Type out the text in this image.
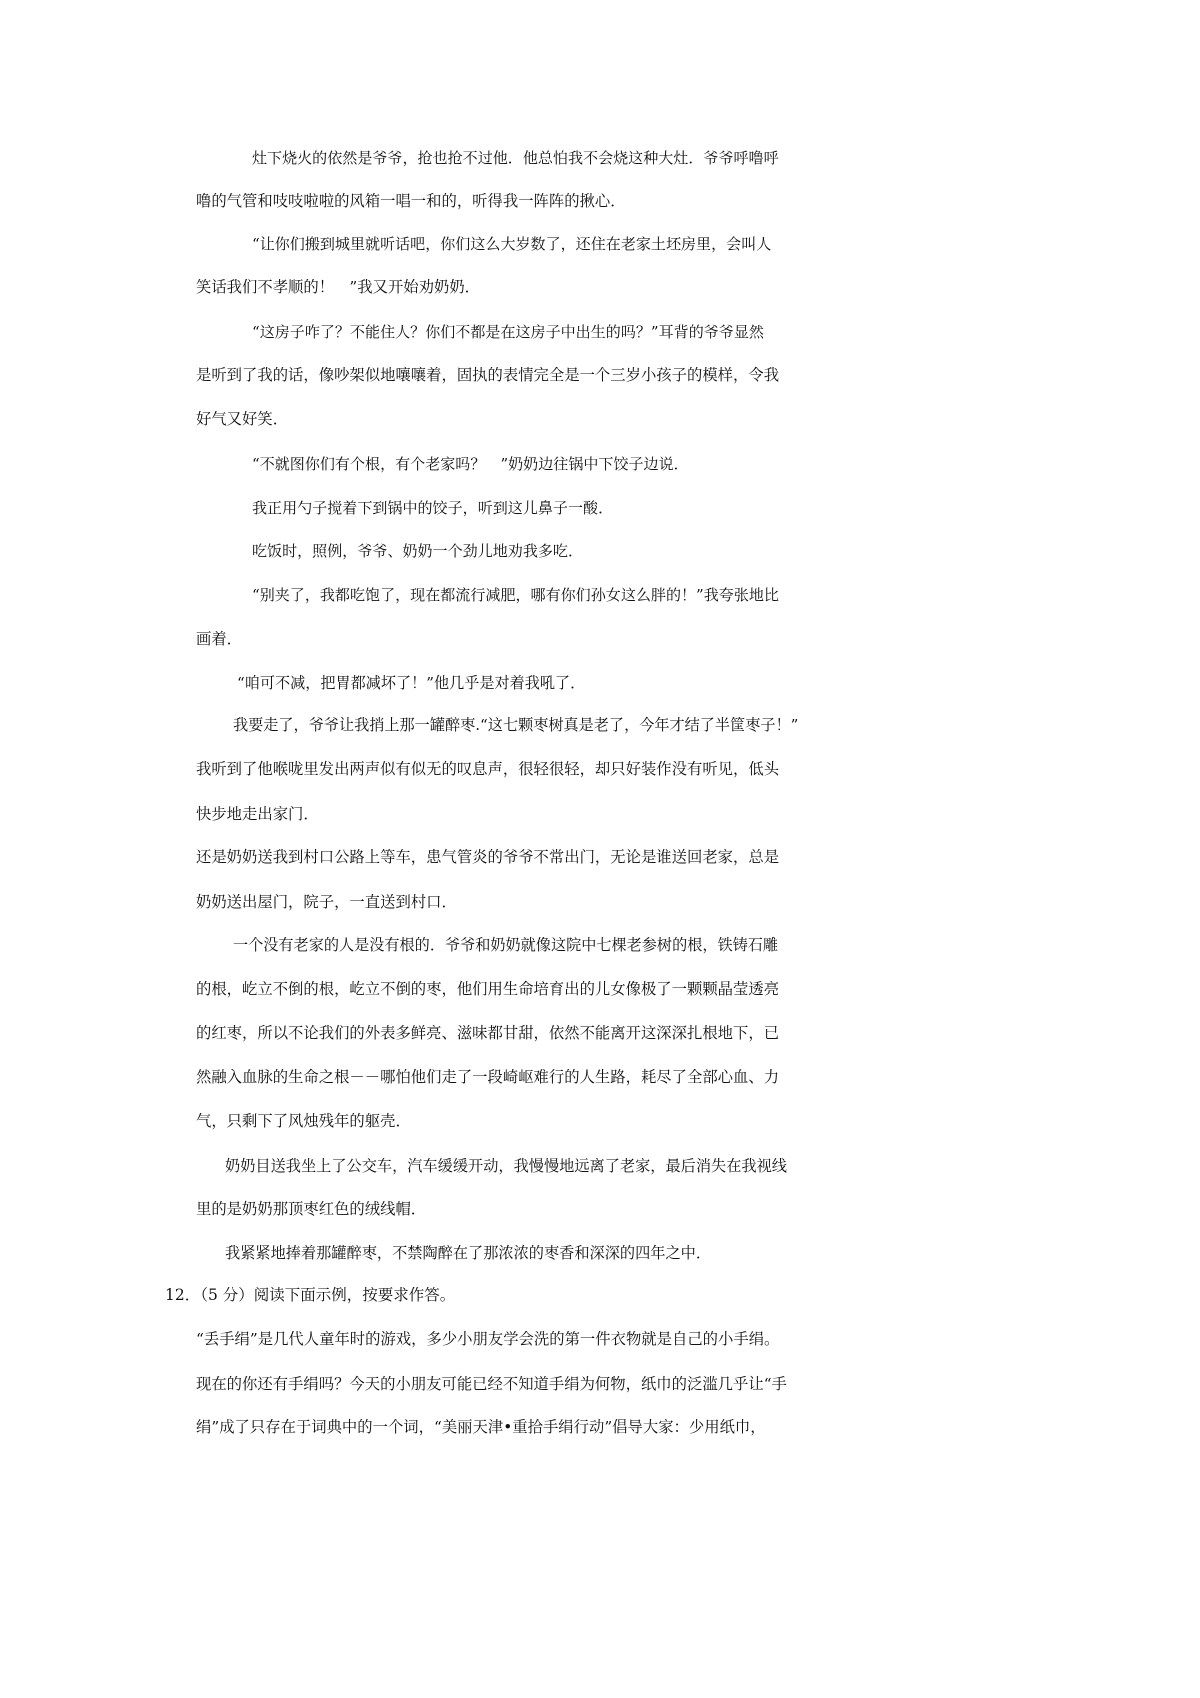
灶下烧火的依然是爷爷，抢也抢不过他．他总怕我不会烧这种大灶．爷爷呼噜呼
噜的气管和吱吱啦啦的风箱一唱一和的，听得我一阵阵的揪心．
“让你们搬到城里就听话吧，你们这么大岁数了，还住在老家土坯房里，会叫人
笑话我们不孝顺的！　”我又开始劝奶奶．
“这房子咋了？不能住人？你们不都是在这房子中出生的吗？”耳背的爷爷显然
是听到了我的话，像吵架似地嚷嚷着，固执的表情完全是一个三岁小孩子的模样，令我
好气又好笑．
“不就图你们有个根，有个老家吗？　”奶奶边往锅中下饺子边说．
我正用勺子搅着下到锅中的饺子，听到这儿鼻子一酸．
吃饭时，照例，爷爷、奶奶一个劲儿地劝我多吃．
“别夹了，我都吃饱了，现在都流行减肥，哪有你们孙女这么胖的！”我夸张地比
画着．
“咱可不减，把胃都减坏了！”他几乎是对着我吼了．
我要走了，爷爷让我捎上那一罐醉枣.“这七颗枣树真是老了，今年才结了半筐枣子！”
我听到了他喉咙里发出两声似有似无的叹息声，很轻很轻，却只好装作没有听见，低头
快步地走出家门．
还是奶奶送我到村口公路上等车，患气管炎的爷爷不常出门，无论是谁送回老家，总是
奶奶送出屋门，院子，一直送到村口．
一个没有老家的人是没有根的．爷爷和奶奶就像这院中七棵老参树的根，铁铸石雕
的根，屹立不倒的根，屹立不倒的枣，他们用生命培育出的儿女像极了一颗颗晶莹透亮
的红枣，所以不论我们的外表多鲜亮、滋味都甘甜，依然不能离开这深深扎根地下，已
然融入血脉的生命之根－－哪怕他们走了一段崎岖难行的人生路，耗尽了全部心血、力
气，只剩下了风烛残年的躯壳．
奶奶目送我坐上了公交车，汽车缓缓开动，我慢慢地远离了老家，最后消失在我视线
里的是奶奶那顶枣红色的绒线帽．
我紧紧地捧着那罐醉枣，不禁陶醉在了那浓浓的枣香和深深的四年之中．
12．（5 分）阅读下面示例，按要求作答。
“丢手绢”是几代人童年时的游戏，多少小朋友学会洗的第一件衣物就是自己的小手绢。
现在的你还有手绢吗？今天的小朋友可能已经不知道手绢为何物，纸巾的泛滥几乎让“手
绢”成了只存在于词典中的一个词，“美丽天津•重拾手绢行动”倡导大家：少用纸巾，
